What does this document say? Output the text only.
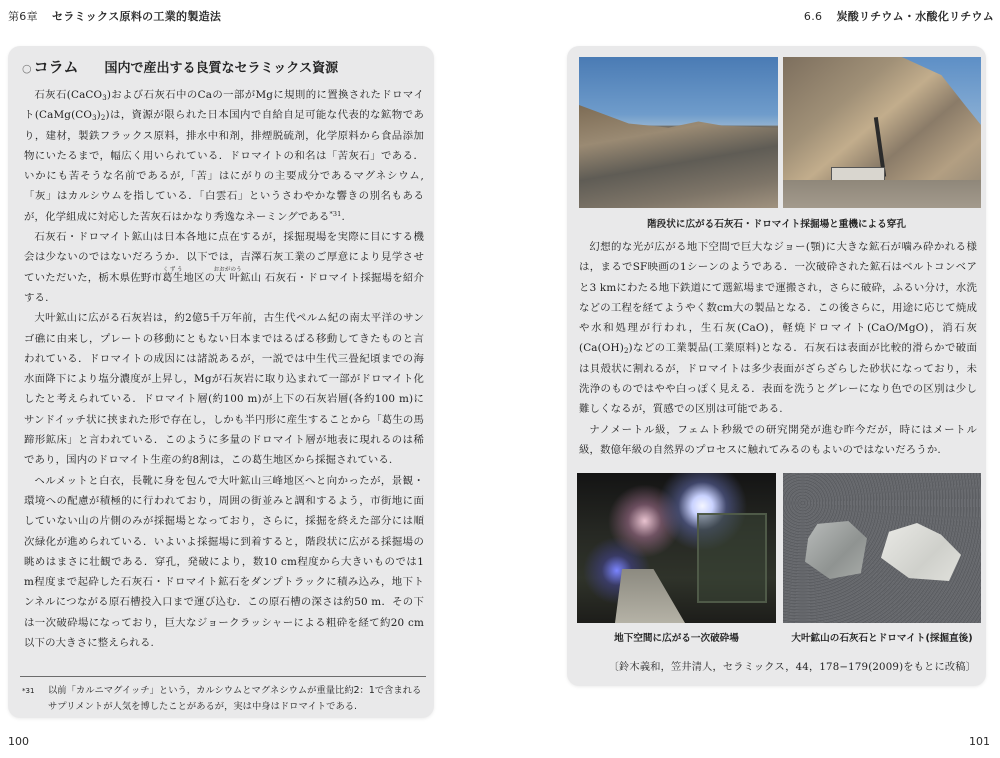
第6章 セラミックス原料の工業的製造法
○ コラム 国内で産出する良質なセラミックス資源

石灰石(CaCO$_3$)および石灰石中のCaの一部がMgに規則的に置換されたドロマイト$(CaMg(CO_3)_2)$は，資源が限られた日本国内で自給自足可能な代表的な鉱物であり，建材，製鉄フラックス原料，排水中和剤，排煙脱硫剤，化学原料から食品添加物にいたるまで，幅広く用いられている．ドロマイトの和名は「苦灰石」である．いかにも苦そうな名前であるが,「苦」はにがりの主要成分であるマグネシウム,「灰」はカルシウムを指している．「白雲石」というさわやかな響きの別名もあるが，化学組成に対応した苦灰石はかなり秀逸なネーミングである$^{*31}$.

石灰石・ドロマイト鉱山は日本各地に点在するが，採掘現場を実際に目にする機会は少ないのではないだろうか．以下では，吉澤石灰工業のご厚意により見学させていただいた，栃木県佐野市葛生くずう地区の大叶おおがのう鉱山 石灰石・ドロマイト採掘場を紹介する.

大叶鉱山に広がる石灰岩は，約2億5千万年前，古生代ペルム紀の南太平洋のサンゴ礁に由来し，プレートの移動にともない日本まではるばる移動してきたものと言われている．ドロマイトの成因には諸説あるが，一説では中生代三畳紀頃までの海水面降下により塩分濃度が上昇し，Mgが石灰岩に取り込まれて一部がドロマイト化したと考えられている．ドロマイト層(約100 m)が上下の石灰岩層(各約100 m)にサンドイッチ状に挟まれた形で存在し，しかも半円形に産生することから「葛生の馬蹄形鉱床」と言われている．このように多量のドロマイト層が地表に現れるのは稀であり，国内のドロマイト生産の約8割は，この葛生地区から採掘されている.

ヘルメットと白衣，長靴に身を包んで大叶鉱山三峰地区へと向かったが，景観・環境への配慮が積極的に行われており，周囲の街並みと調和するよう，市街地に面していない山の片側のみが採掘場となっており，さらに，採掘を終えた部分には順次緑化が進められている．いよいよ採掘場に到着すると，階段状に広がる採掘場の眺めはまさに壮観である．穿孔，発破により，数10 cm程度から大きいものでは1 m程度まで起砕した石灰石・ドロマイト鉱石をダンプトラックに積み込み，地下トンネルにつながる原石槽投入口まで運び込む．この原石槽の深さは約50 m．その下は一次破砕場になっており，巨大なジョークラッシャーによる粗砕を経て約20 cm以下の大きさに整えられる.

*31	以前「カルニマグイッチ」という，カルシウムとマグネシウムが重量比約2：1で含まれるサプリメントが人気を博したことがあるが，実は中身はドロマイトである.
100
6.6 炭酸リチウム・水酸化リチウム
階段状に広がる石灰石・ドロマイト採掘場と重機による穿孔

幻想的な光が広がる地下空間で巨大なジョー(顎)に大きな鉱石が噛み砕かれる様は，まるでSF映画の1シーンのようである．一次破砕された鉱石はベルトコンベアと3 kmにわたる地下鉄道にて選鉱場まで運搬され，さらに破砕，ふるい分け，水洗などの工程を経てようやく数cm大の製品となる．この後さらに，用途に応じて焼成や水和処理が行われ，生石灰(CaO)，軽焼ドロマイト(CaO/MgO)，消石灰$(Ca(OH)_2)$などの工業製品(工業原料)となる．石灰石は表面が比較的滑らかで破面は貝殻状に割れるが，ドロマイトは多少表面がざらざらした砂状になっており，未洗浄のものではやや白っぽく見える．表面を洗うとグレーになり色での区別は少し難しくなるが，質感での区別は可能である.

ナノメートル級，フェムト秒級での研究開発が進む昨今だが，時にはメートル級，数億年級の自然界のプロセスに触れてみるのもよいのではないだろうか.

地下空間に広がる一次破砕場	大叶鉱山の石灰石とドロマイト(採掘直後)
〔鈴木義和，笠井清人，セラミックス，44，178−179(2009)をもとに改稿〕
101
